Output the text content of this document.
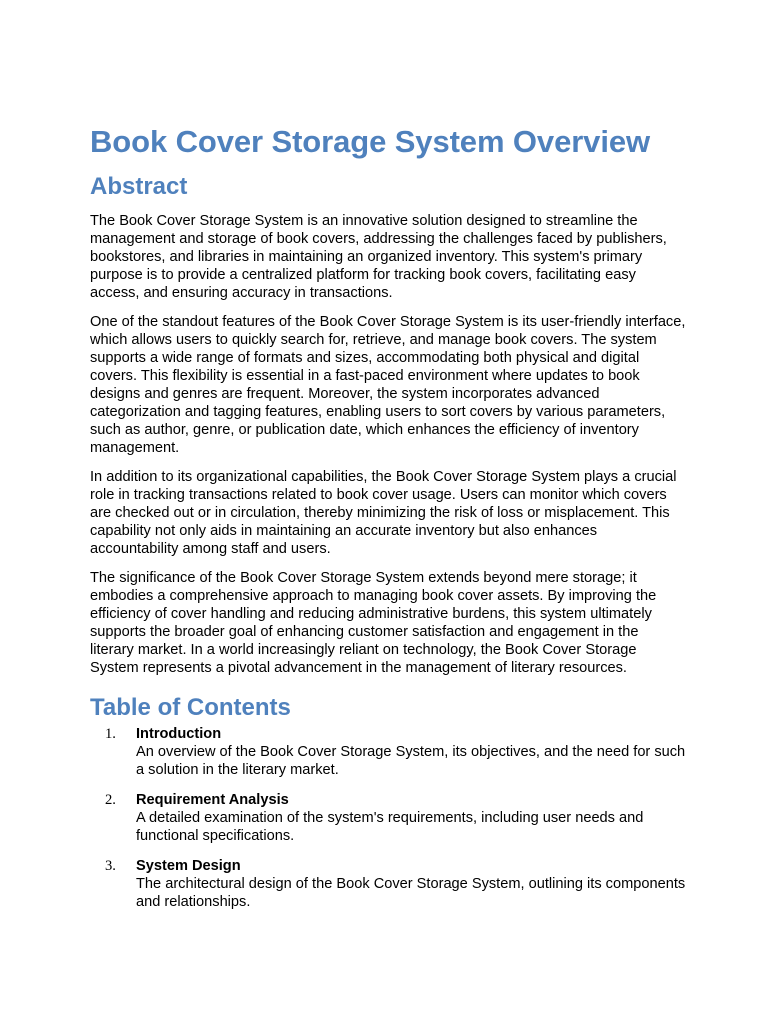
Book Cover Storage System Overview
Abstract

The Book Cover Storage System is an innovative solution designed to streamline the management and storage of book covers, addressing the challenges faced by publishers, bookstores, and libraries in maintaining an organized inventory. This system's primary purpose is to provide a centralized platform for tracking book covers, facilitating easy access, and ensuring accuracy in transactions.

One of the standout features of the Book Cover Storage System is its user-friendly interface, which allows users to quickly search for, retrieve, and manage book covers. The system supports a wide range of formats and sizes, accommodating both physical and digital covers. This flexibility is essential in a fast-paced environment where updates to book designs and genres are frequent. Moreover, the system incorporates advanced categorization and tagging features, enabling users to sort covers by various parameters, such as author, genre, or publication date, which enhances the efficiency of inventory management.

In addition to its organizational capabilities, the Book Cover Storage System plays a crucial role in tracking transactions related to book cover usage. Users can monitor which covers are checked out or in circulation, thereby minimizing the risk of loss or misplacement. This capability not only aids in maintaining an accurate inventory but also enhances accountability among staff and users.

The significance of the Book Cover Storage System extends beyond mere storage; it embodies a comprehensive approach to managing book cover assets. By improving the efficiency of cover handling and reducing administrative burdens, this system ultimately supports the broader goal of enhancing customer satisfaction and engagement in the literary market. In a world increasingly reliant on technology, the Book Cover Storage System represents a pivotal advancement in the management of literary resources.

Table of Contents
1.	Introduction
An overview of the Book Cover Storage System, its objectives, and the need for such a solution in the literary market.
2.	Requirement Analysis
A detailed examination of the system's requirements, including user needs and functional specifications.
3.	System Design
The architectural design of the Book Cover Storage System, outlining its components and relationships.
